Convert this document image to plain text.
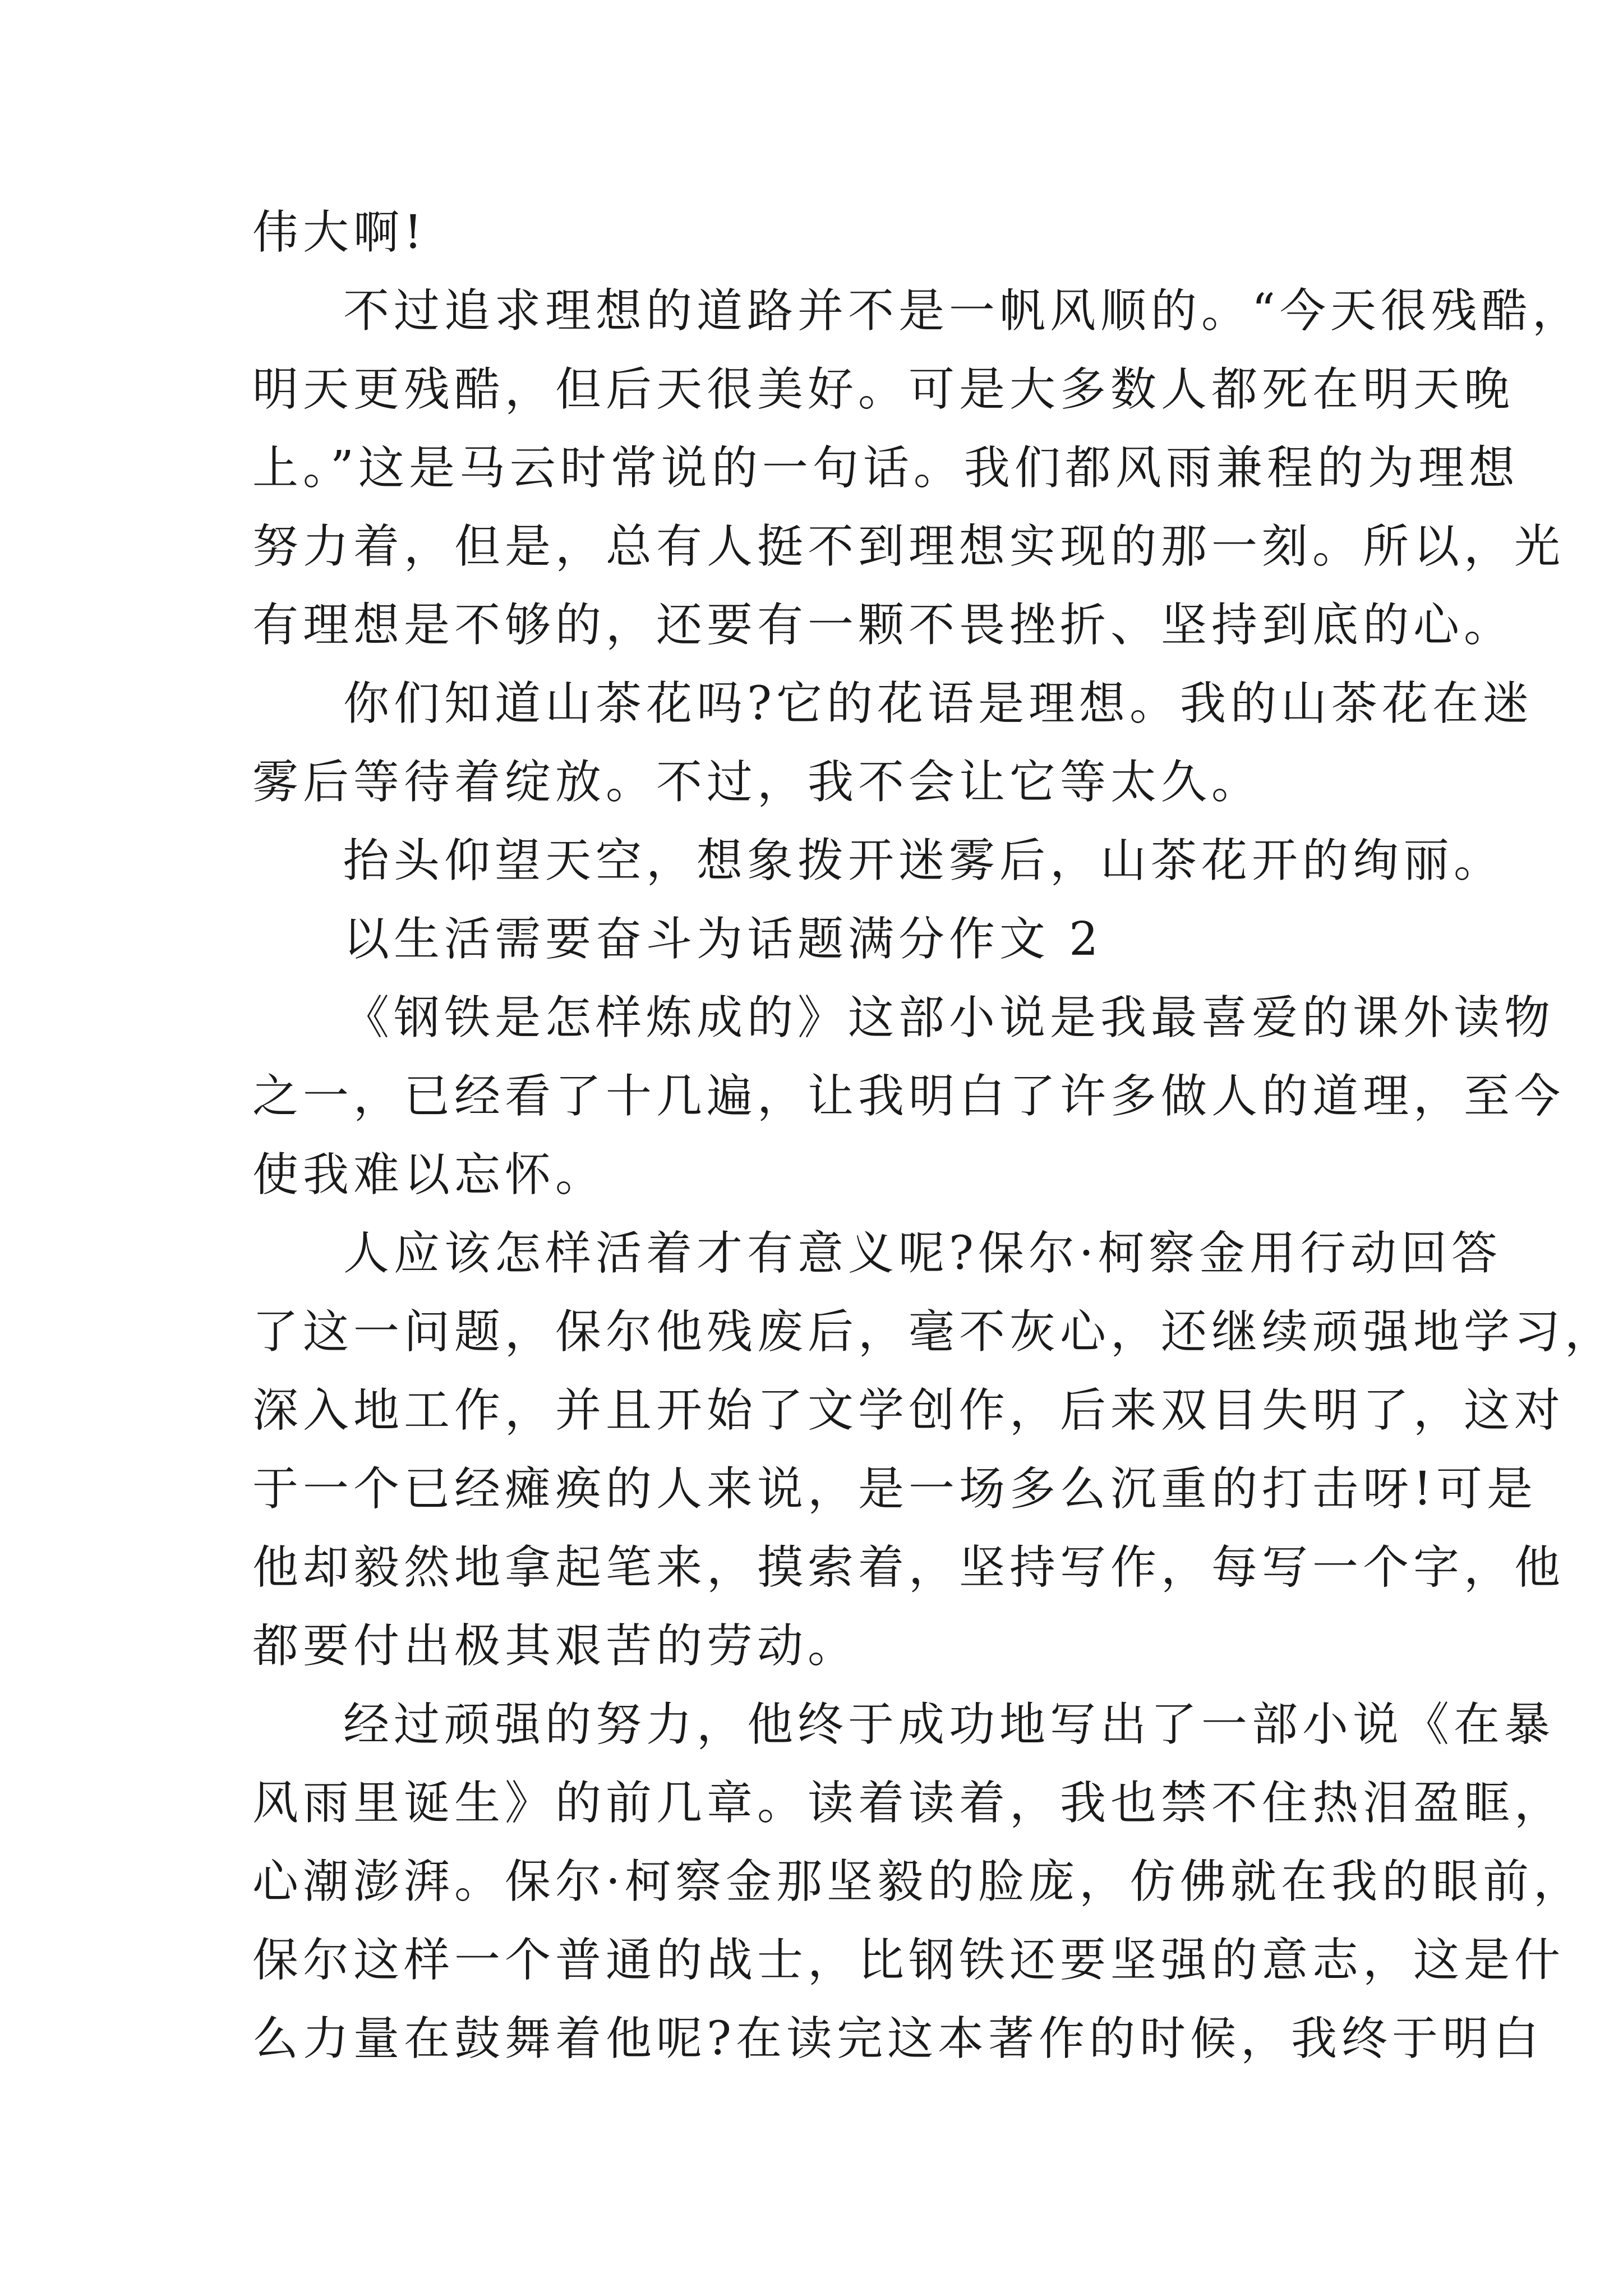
伟大啊!
不过追求理想的道路并不是一帆风顺的。“今天很残酷，
明天更残酷，但后天很美好。可是大多数人都死在明天晚
上。”这是马云时常说的一句话。我们都风雨兼程的为理想
努力着，但是，总有人挺不到理想实现的那一刻。所以，光
有理想是不够的，还要有一颗不畏挫折、坚持到底的心。
你们知道山茶花吗?它的花语是理想。我的山茶花在迷
雾后等待着绽放。不过，我不会让它等太久。
抬头仰望天空，想象拨开迷雾后，山茶花开的绚丽。
以生活需要奋斗为话题满分作文 2
《钢铁是怎样炼成的》这部小说是我最喜爱的课外读物
之一，已经看了十几遍，让我明白了许多做人的道理，至今
使我难以忘怀。
人应该怎样活着才有意义呢?保尔·柯察金用行动回答
了这一问题，保尔他残废后，毫不灰心，还继续顽强地学习，
深入地工作，并且开始了文学创作，后来双目失明了，这对
于一个已经瘫痪的人来说，是一场多么沉重的打击呀!可是
他却毅然地拿起笔来，摸索着，坚持写作，每写一个字，他
都要付出极其艰苦的劳动。
经过顽强的努力，他终于成功地写出了一部小说《在暴
风雨里诞生》的前几章。读着读着，我也禁不住热泪盈眶，
心潮澎湃。保尔·柯察金那坚毅的脸庞，仿佛就在我的眼前，
保尔这样一个普通的战士，比钢铁还要坚强的意志，这是什
么力量在鼓舞着他呢?在读完这本著作的时候，我终于明白
